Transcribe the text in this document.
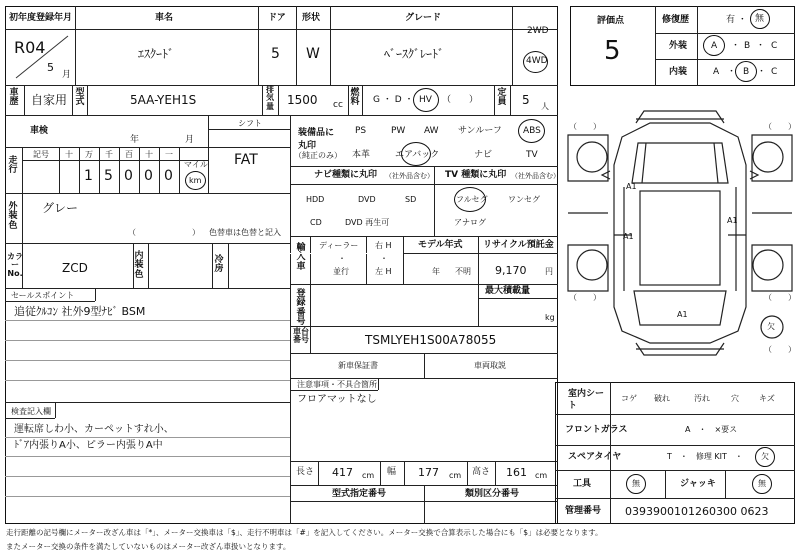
初年度登録年月	車名	ドア 形状	グレード
R04
5
月
ｴｽｸｰﾄﾞ	5 W	ﾍﾞｰｽｸﾞﾚｰﾄﾞ
2WD
4WD
車歴 自家用 型式	5AA-YEH1S
排気量 1500 cc
燃料 G ・ D ・ HV （　　）
定員 5 人
車検
年	月
シフト
FAT
走行
記号 十 万 千 百 十 一
1 5 0 0 0
マイル
km
外装色
グレー
（　　　　　　　） 色替車は色替と記入
カラーNo.	ZCD
内装色
冷房
セールスポイント
追従ｸﾙｺﾝ 社外9型ﾅﾋﾞ BSM
検査記入欄
運転席しわ小、カーペットすれ小、
ﾄﾞｱ内張りA小、ピラー内張りA中
装備品に丸印
（純正のみ）
PS	PW AW サンルーフ ABS
本革	エアバック	ナビ	TV
ナビ種類に丸印 （社外品含む） TV 種類に丸印 （社外品含む）
HDD	DVD	SD
CD	DVD 再生可
フルセグ	ワンセグ
アナログ
輸入車
ディーラー
・
並行
右 H
・
左 H
モデル年式
年 不明
リサイクル預託金
9,170 円
登録番号
最大積載量
kg
車台番号	TSMLYEH1S00A78055
新車保証書	車両取説
注意事項・不具合箇所
フロアマットなし
長さ 417 cm 幅 177 cm 高さ 161 cm
型式指定番号	類別区分番号
評価点
5
修復歴	有 ・ 無
外装	A ・ B ・ C
内装	A ・ B ・ C
（　　）	（　　）
（　　）	（　　）
（　　）
A1
A1
A1
A1
欠
室内シート
コゲ 破れ	汚れ	穴	キズ
フロントガラス	A　・　×要ス
スペアタイヤ	T　・　修理 KIT　・ 欠
工具	無	ジャッキ	無
管理番号 0393900101260300 0623
走行距離の記号欄にメーター改ざん車は「*」、メーター交換車は「$」、走行不明車は「#」を記入してください。メーター交換で合算表示した場合にも「$」は必要となります。
またメーター交換の条件を満たしていないものはメーター改ざん車扱いとなります。
